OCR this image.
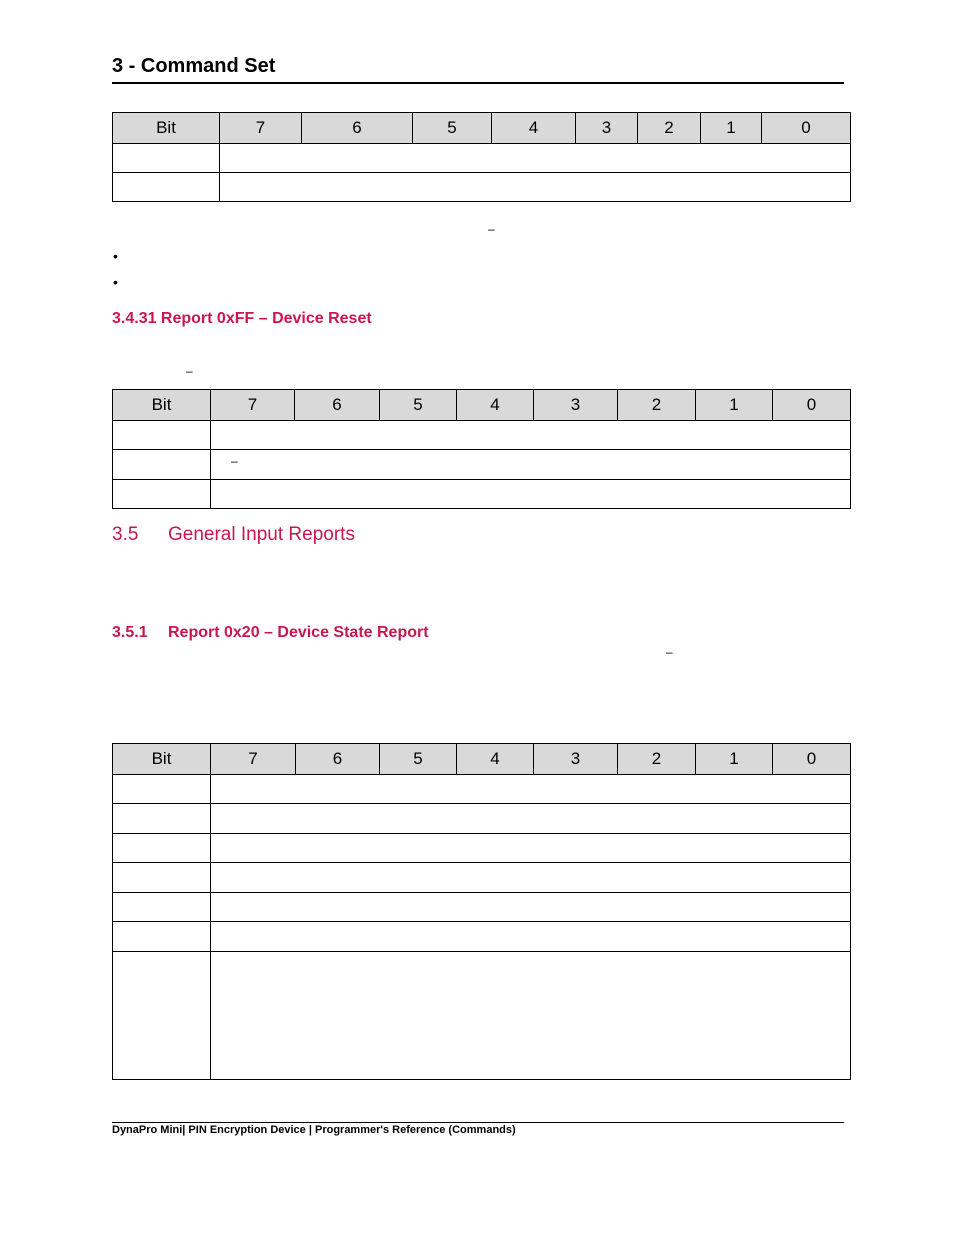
3 - Command Set
Bit	7	6	5	4	3	2	1	0

–
•
•
3.4.31 Report 0xFF – Device Reset
–
Bit	7	6	5	4	3	2	1	0

	–							

3.5 General Input Reports
3.5.1 Report 0x20 – Device State Report
–
Bit	7	6	5	4	3	2	1	0

DynaPro Mini| PIN Encryption Device | Programmer's Reference (Commands)
